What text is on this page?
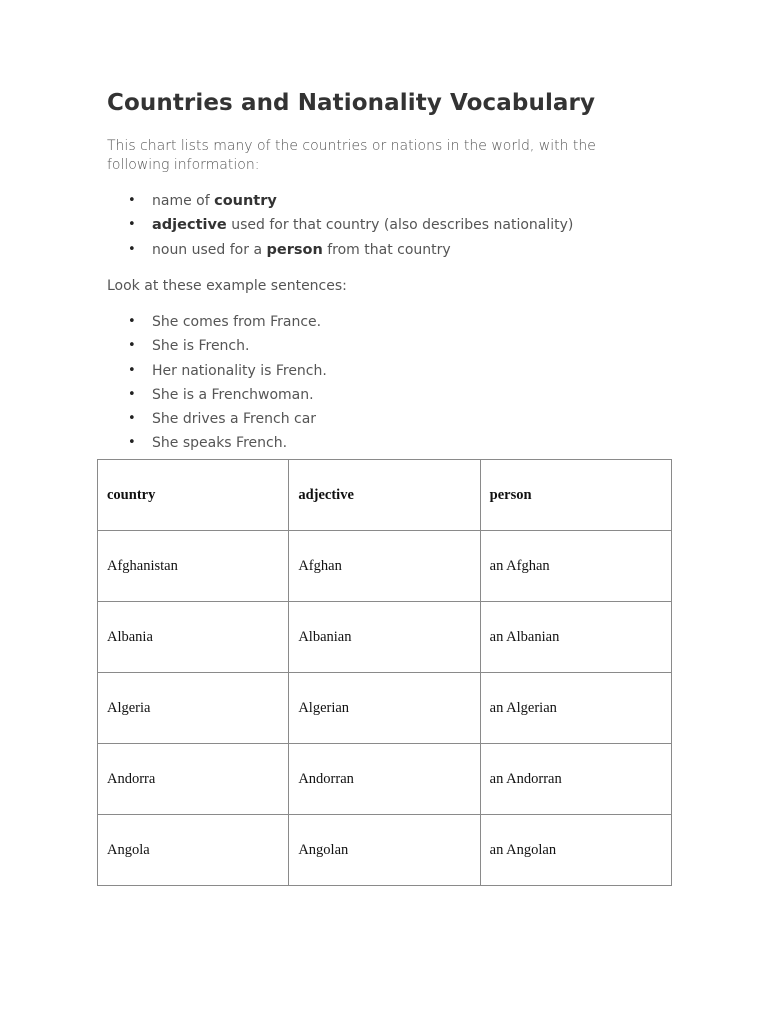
Countries and Nationality Vocabulary

This chart lists many of the countries or nations in the world, with the following information:

• name of country
• adjective used for that country (also describes nationality)
• noun used for a person from that country

Look at these example sentences:

• She comes from France.
• She is French.
• Her nationality is French.
• She is a Frenchwoman.
• She drives a French car
• She speaks French.
country	adjective	person
Afghanistan	Afghan	an Afghan
Albania	Albanian	an Albanian
Algeria	Algerian	an Algerian
Andorra	Andorran	an Andorran
Angola	Angolan	an Angolan
